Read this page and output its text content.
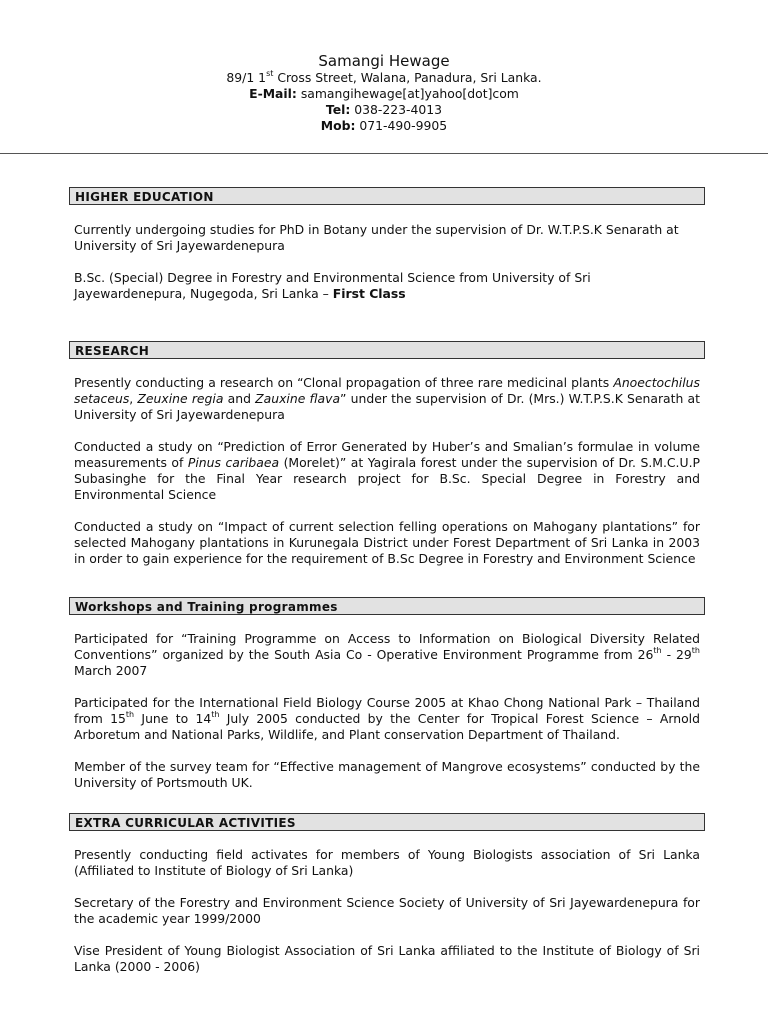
Samangi Hewage
89/1 1st Cross Street, Walana, Panadura, Sri Lanka.
E-Mail: samangihewage[at]yahoo[dot]com
Tel: 038-223-4013
Mob: 071-490-9905
HIGHER EDUCATION

Currently undergoing studies for PhD in Botany under the supervision of Dr. W.T.P.S.K Senarath at University of Sri Jayewardenepura

B.Sc. (Special) Degree in Forestry and Environmental Science from University of Sri Jayewardenepura, Nugegoda, Sri Lanka – First Class

RESEARCH

Presently conducting a research on “Clonal propagation of three rare medicinal plants Anoectochilus setaceus, Zeuxine regia and Zauxine flava” under the supervision of Dr. (Mrs.) W.T.P.S.K Senarath at University of Sri Jayewardenepura

Conducted a study on “Prediction of Error Generated by Huber’s and Smalian’s formulae in volume measurements of Pinus caribaea (Morelet)” at Yagirala forest under the supervision of Dr. S.M.C.U.P Subasinghe for the Final Year research project for B.Sc. Special Degree in Forestry and Environmental Science

Conducted a study on “Impact of current selection felling operations on Mahogany plantations” for selected Mahogany plantations in Kurunegala District under Forest Department of Sri Lanka in 2003 in order to gain experience for the requirement of B.Sc Degree in Forestry and Environment Science

Workshops and Training programmes

Participated for “Training Programme on Access to Information on Biological Diversity Related Conventions” organized by the South Asia Co - Operative Environment Programme from 26th - 29th March 2007

Participated for the International Field Biology Course 2005 at Khao Chong National Park – Thailand from 15th June to 14th July 2005 conducted by the Center for Tropical Forest Science – Arnold Arboretum and National Parks, Wildlife, and Plant conservation Department of Thailand.

Member of the survey team for “Effective management of Mangrove ecosystems” conducted by the University of Portsmouth UK.

EXTRA CURRICULAR ACTIVITIES

Presently conducting field activates for members of Young Biologists association of Sri Lanka (Affiliated to Institute of Biology of Sri Lanka)

Secretary of the Forestry and Environment Science Society of University of Sri Jayewardenepura for the academic year 1999/2000

Vise President of Young Biologist Association of Sri Lanka affiliated to the Institute of Biology of Sri Lanka (2000 - 2006)
